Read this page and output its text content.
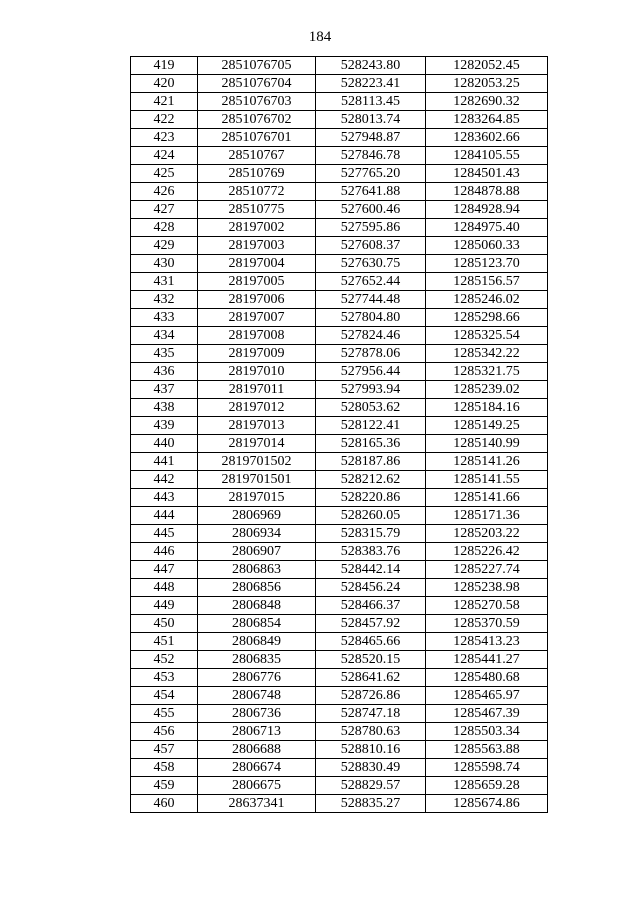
184
419	2851076705	528243.80	1282052.45
420	2851076704	528223.41	1282053.25
421	2851076703	528113.45	1282690.32
422	2851076702	528013.74	1283264.85
423	2851076701	527948.87	1283602.66
424	28510767	527846.78	1284105.55
425	28510769	527765.20	1284501.43
426	28510772	527641.88	1284878.88
427	28510775	527600.46	1284928.94
428	28197002	527595.86	1284975.40
429	28197003	527608.37	1285060.33
430	28197004	527630.75	1285123.70
431	28197005	527652.44	1285156.57
432	28197006	527744.48	1285246.02
433	28197007	527804.80	1285298.66
434	28197008	527824.46	1285325.54
435	28197009	527878.06	1285342.22
436	28197010	527956.44	1285321.75
437	28197011	527993.94	1285239.02
438	28197012	528053.62	1285184.16
439	28197013	528122.41	1285149.25
440	28197014	528165.36	1285140.99
441	2819701502	528187.86	1285141.26
442	2819701501	528212.62	1285141.55
443	28197015	528220.86	1285141.66
444	2806969	528260.05	1285171.36
445	2806934	528315.79	1285203.22
446	2806907	528383.76	1285226.42
447	2806863	528442.14	1285227.74
448	2806856	528456.24	1285238.98
449	2806848	528466.37	1285270.58
450	2806854	528457.92	1285370.59
451	2806849	528465.66	1285413.23
452	2806835	528520.15	1285441.27
453	2806776	528641.62	1285480.68
454	2806748	528726.86	1285465.97
455	2806736	528747.18	1285467.39
456	2806713	528780.63	1285503.34
457	2806688	528810.16	1285563.88
458	2806674	528830.49	1285598.74
459	2806675	528829.57	1285659.28
460	28637341	528835.27	1285674.86
